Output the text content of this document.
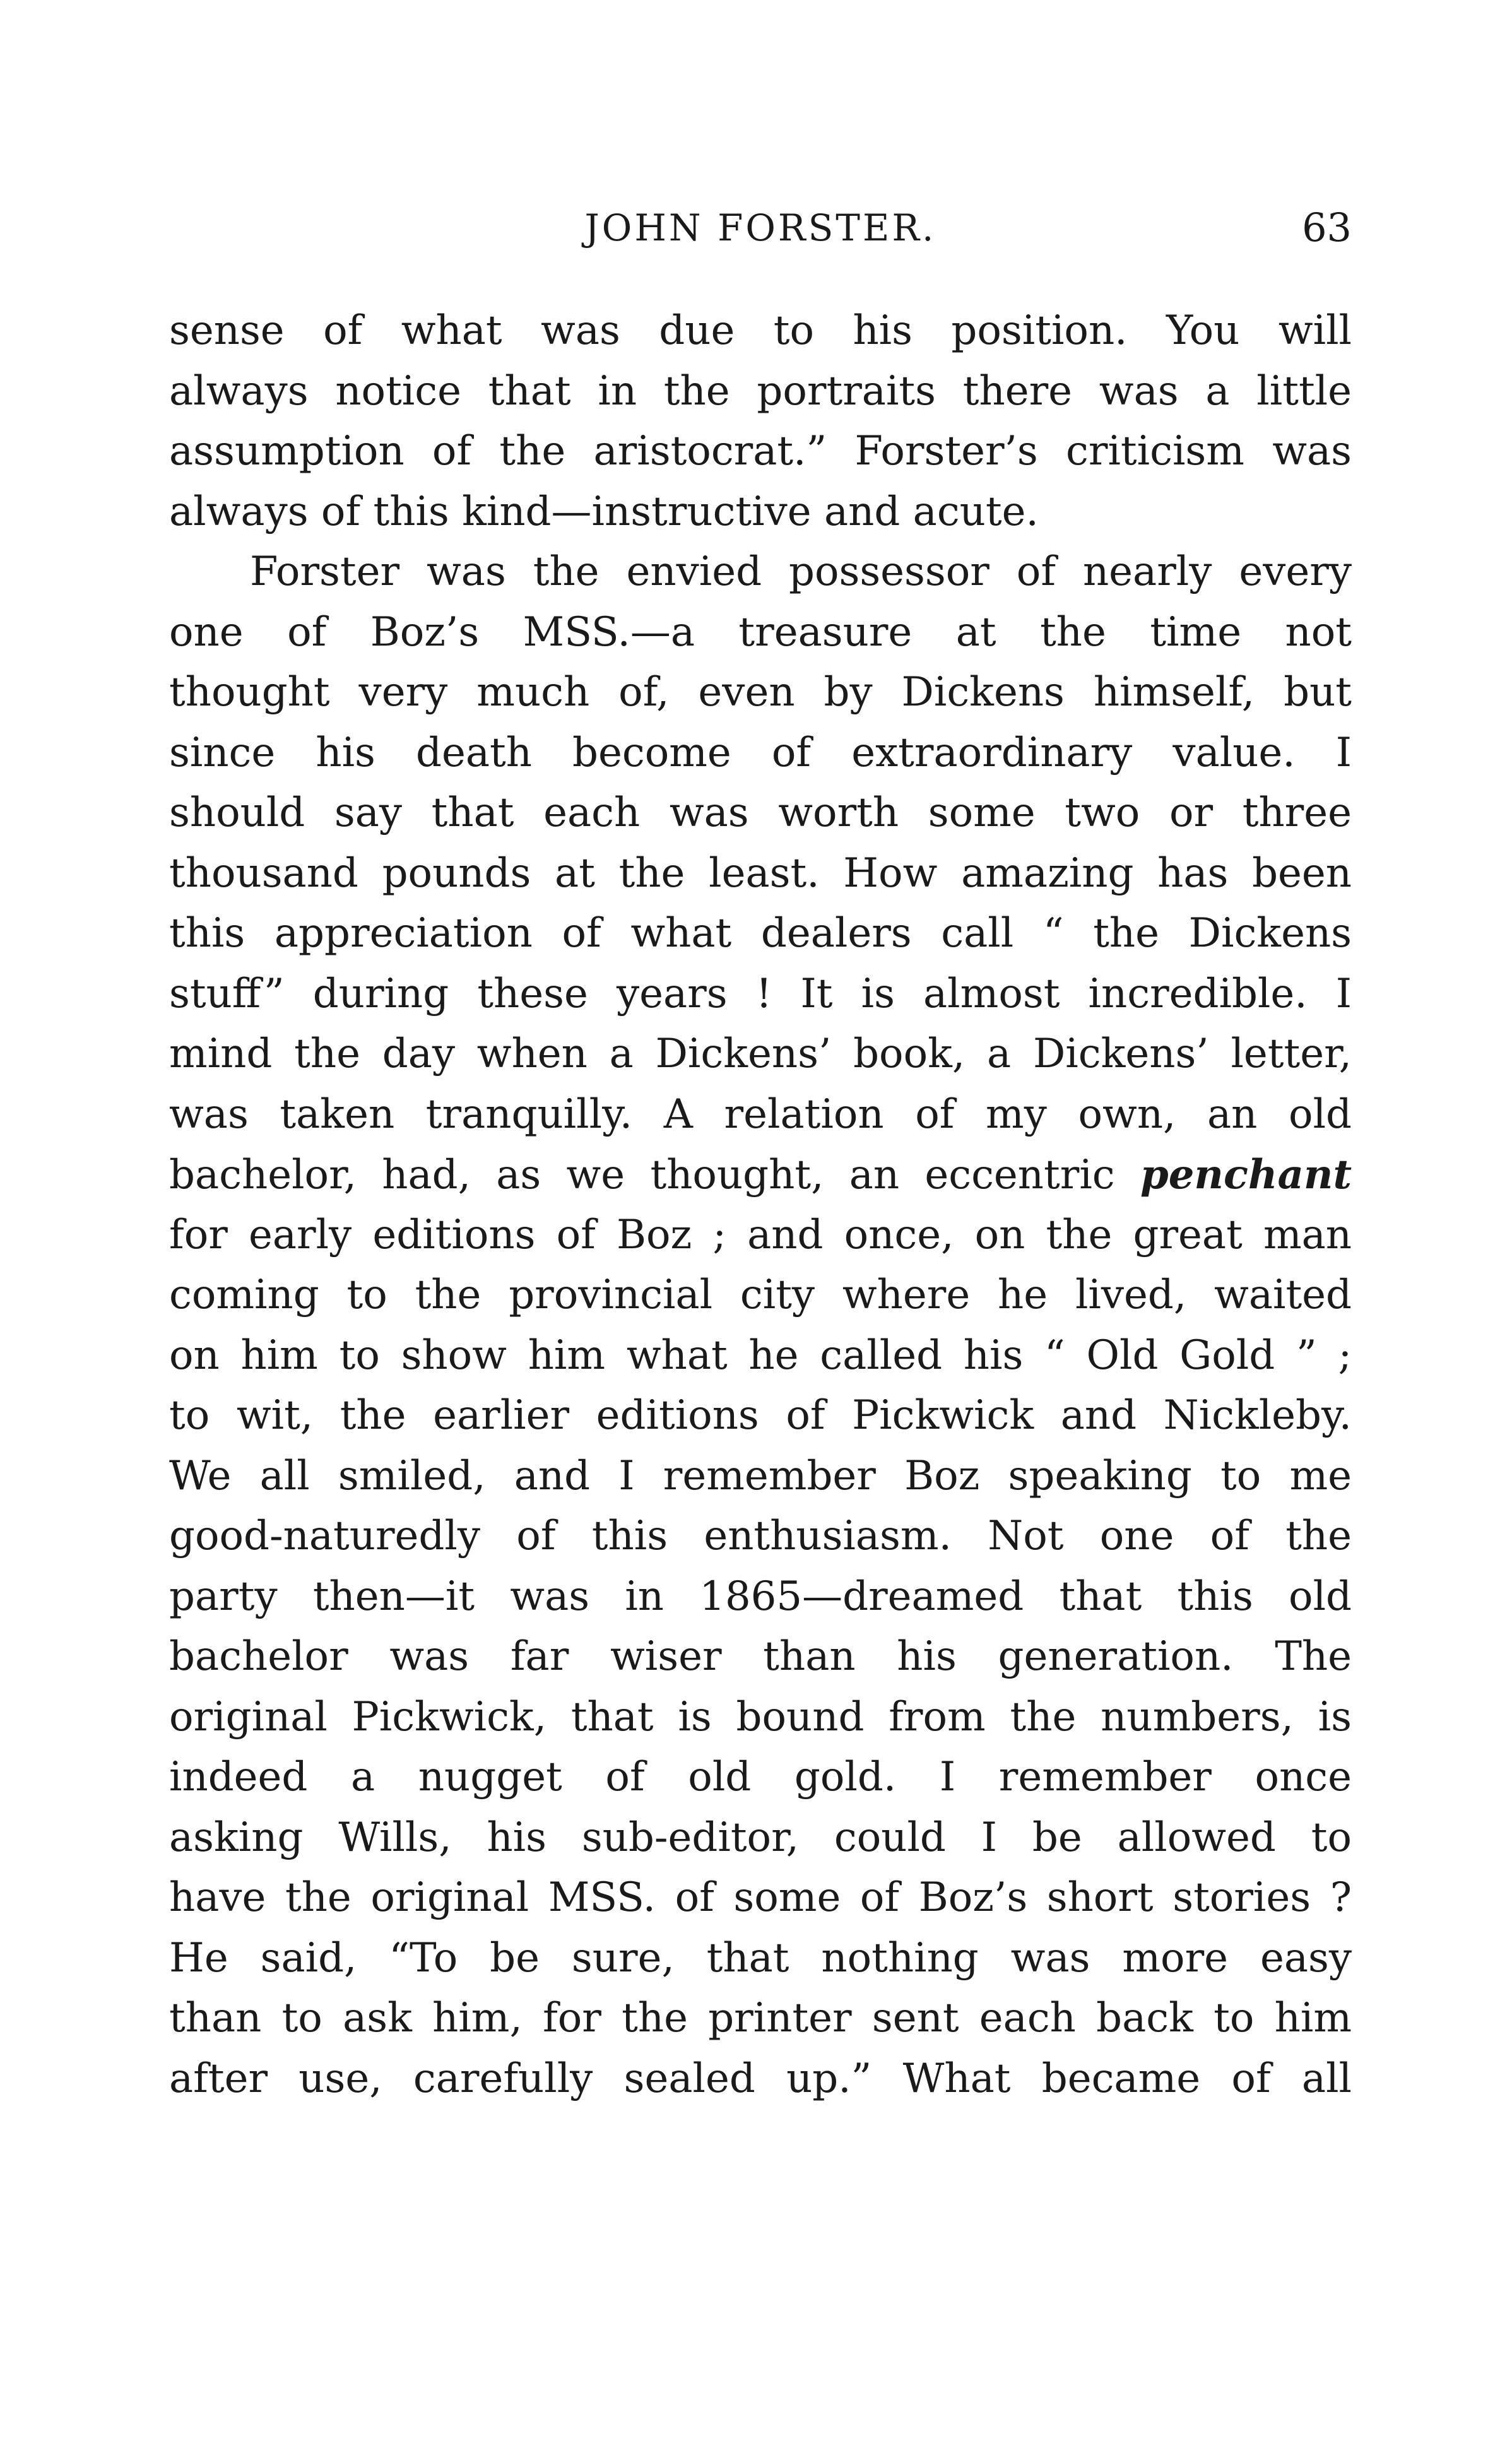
JOHN FORSTER.	63
sense of what was due to his position. You will
always notice that in the portraits there was a little
assumption of the aristocrat.” Forster’s criticism was
always of this kind—instructive and acute.
Forster was the envied possessor of nearly every
one of Boz’s MSS.—a treasure at the time not
thought very much of, even by Dickens himself, but
since his death become of extraordinary value. I
should say that each was worth some two or three
thousand pounds at the least. How amazing has been
this appreciation of what dealers call “ the Dickens
stuff” during these years ! It is almost incredible. I
mind the day when a Dickens’ book, a Dickens’ letter,
was taken tranquilly. A relation of my own, an old
bachelor, had, as we thought, an eccentric penchant
for early editions of Boz ; and once, on the great man
coming to the provincial city where he lived, waited
on him to show him what he called his “ Old Gold ” ;
to wit, the earlier editions of Pickwick and Nickleby.
We all smiled, and I remember Boz speaking to me
good-naturedly of this enthusiasm. Not one of the
party then—it was in 1865—dreamed that this old
bachelor was far wiser than his generation. The
original Pickwick, that is bound from the numbers, is
indeed a nugget of old gold. I remember once
asking Wills, his sub-editor, could I be allowed to
have the original MSS. of some of Boz’s short stories ?
He said, “To be sure, that nothing was more easy
than to ask him, for the printer sent each back to him
after use, carefully sealed up.” What became of all
